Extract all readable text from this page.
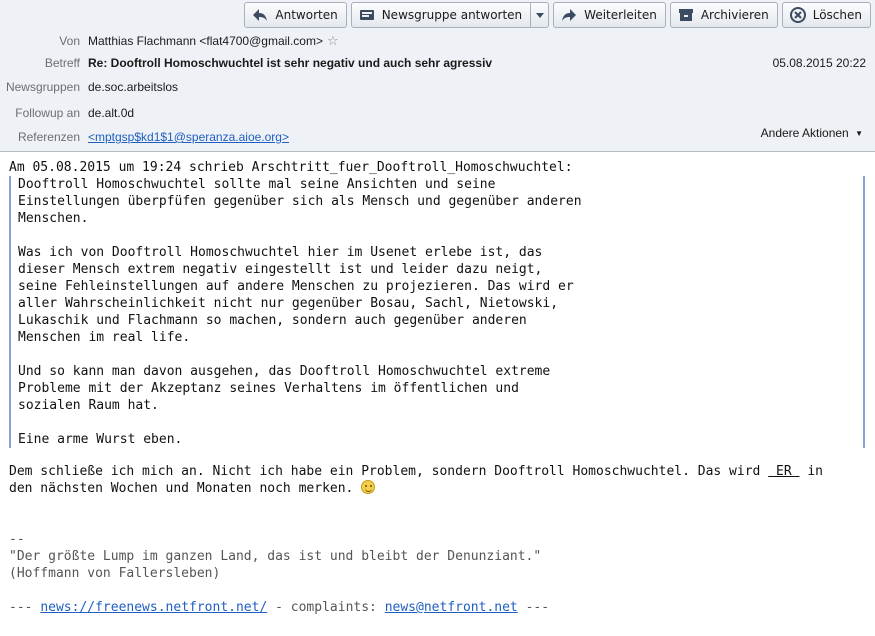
Antworten	Newsgruppe antworten	Weiterleiten	Archivieren	Löschen
Von Matthias Flachmann <flat4700@gmail.com> ☆
Betreff Re: Dooftroll Homoschwuchtel ist sehr negativ und auch sehr agressiv	05.08.2015 20:22
Newsgruppen de.soc.arbeitslos
Followup an de.alt.0d
Referenzen <mptgsp$kd1$1@speranza.aioe.org>	Andere Aktionen ▼
Am 05.08.2015 um 19:24 schrieb Arschtritt_fuer_Dooftroll_Homoschwuchtel:
Dooftroll Homoschwuchtel sollte mal seine Ansichten und seine
Einstellungen überpfüfen gegenüber sich als Mensch und gegenüber anderen
Menschen.
Was ich von Dooftroll Homoschwuchtel hier im Usenet erlebe ist, das
dieser Mensch extrem negativ eingestellt ist und leider dazu neigt,
seine Fehleinstellungen auf andere Menschen zu projezieren. Das wird er
aller Wahrscheinlichkeit nicht nur gegenüber Bosau, Sachl, Nietowski,
Lukaschik und Flachmann so machen, sondern auch gegenüber anderen
Menschen im real life.
Und so kann man davon ausgehen, das Dooftroll Homoschwuchtel extreme
Probleme mit der Akzeptanz seines Verhaltens im öffentlichen und
sozialen Raum hat.
Eine arme Wurst eben.
Dem schließe ich mich an. Nicht ich habe ein Problem, sondern Dooftroll Homoschwuchtel. Das wird  ER  in
den nächsten Wochen und Monaten noch merken.
--
"Der größte Lump im ganzen Land, das ist und bleibt der Denunziant."
(Hoffmann von Fallersleben)
--- news://freenews.netfront.net/ - complaints: news@netfront.net ---
